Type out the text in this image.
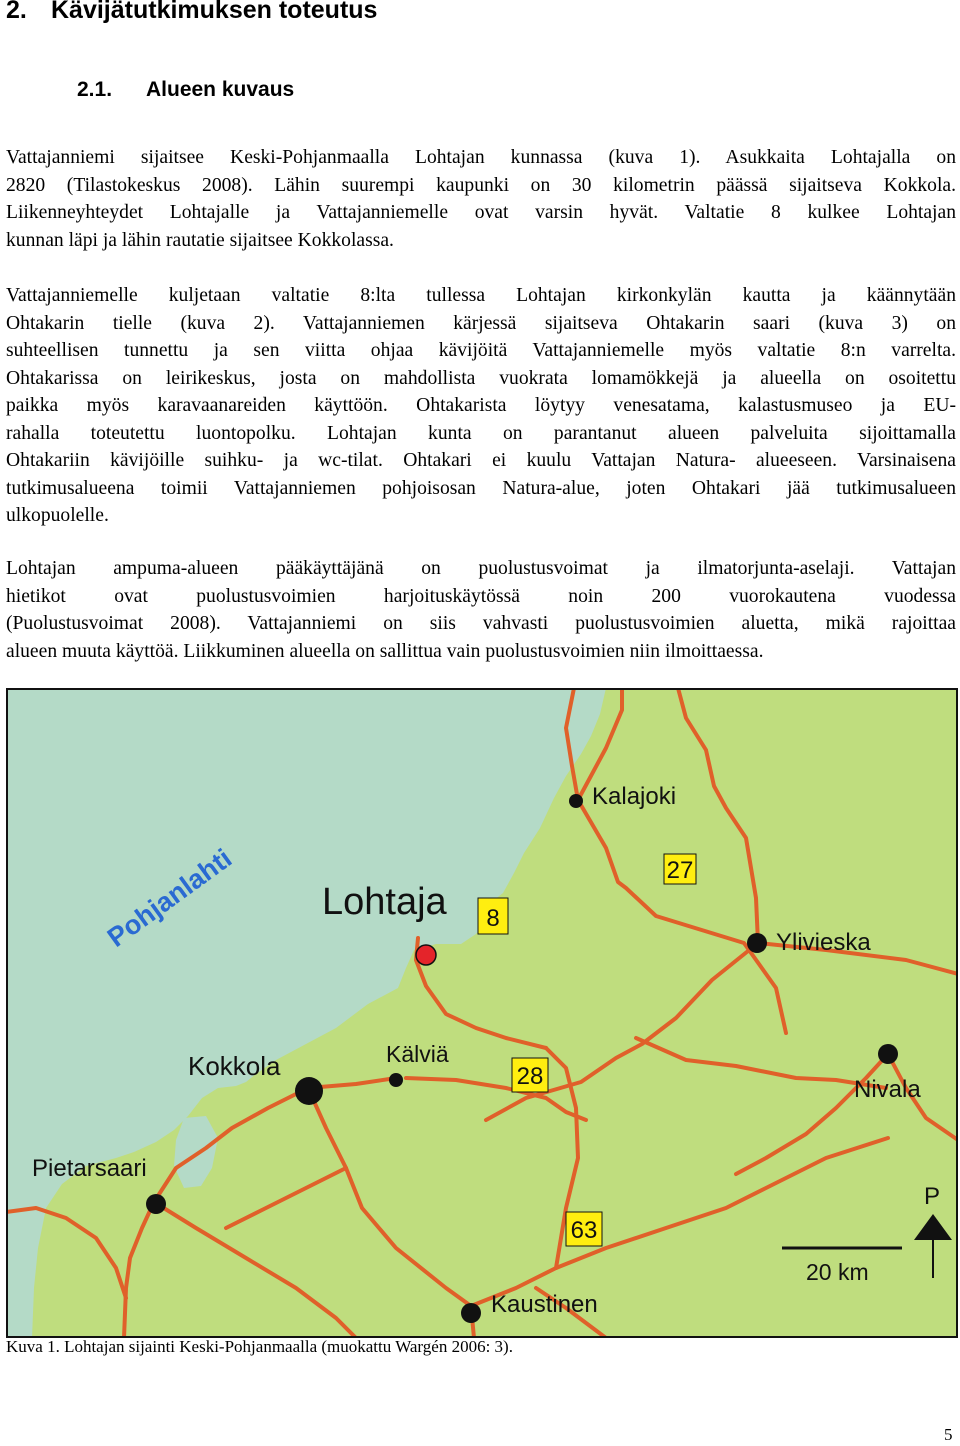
2. Kävijätutkimuksen toteutus
2.1. Alueen kuvaus
Vattajanniemi sijaitsee Keski-Pohjanmaalla Lohtajan kunnassa (kuva 1). Asukkaita Lohtajalla on
2820 (Tilastokeskus 2008). Lähin suurempi kaupunki on 30 kilometrin päässä sijaitseva Kokkola.
Liikenneyhteydet Lohtajalle ja Vattajanniemelle ovat varsin hyvät. Valtatie 8 kulkee Lohtajan
kunnan läpi ja lähin rautatie sijaitsee Kokkolassa.
Vattajanniemelle kuljetaan valtatie 8:lta tullessa Lohtajan kirkonkylän kautta ja käännytään
Ohtakarin tielle (kuva 2). Vattajanniemen kärjessä sijaitseva Ohtakarin saari (kuva 3) on
suhteellisen tunnettu ja sen viitta ohjaa kävijöitä Vattajanniemelle myös valtatie 8:n varrelta.
Ohtakarissa on leirikeskus, josta on mahdollista vuokrata lomamökkejä ja alueella on osoitettu
paikka myös karavaanareiden käyttöön. Ohtakarista löytyy venesatama, kalastusmuseo ja EU-
rahalla toteutettu luontopolku. Lohtajan kunta on parantanut alueen palveluita sijoittamalla
Ohtakariin kävijöille suihku- ja wc-tilat. Ohtakari ei kuulu Vattajan Natura- alueeseen. Varsinaisena
tutkimusalueena toimii Vattajanniemen pohjoisosan Natura-alue, joten Ohtakari jää tutkimusalueen
ulkopuolelle.
Lohtajan ampuma-alueen pääkäyttäjänä on puolustusvoimat ja ilmatorjunta-aselaji. Vattajan
hietikot ovat puolustusvoimien harjoituskäytössä noin 200 vuorokautena vuodessa
(Puolustusvoimat 2008). Vattajanniemi on siis vahvasti puolustusvoimien aluetta, mikä rajoittaa
alueen muuta käyttöä. Liikkuminen alueella on sallittua vain puolustusvoimien niin ilmoittaessa.
Pohjanlahti Lohtaja
Kalajoki
Ylivieska
Kokkola	Kälviä
Nivala
Pietarsaari
Kaustinen
8
27
28
63
20 km
P
Kuva 1. Lohtajan sijainti Keski-Pohjanmaalla (muokattu Wargén 2006: 3).
5
